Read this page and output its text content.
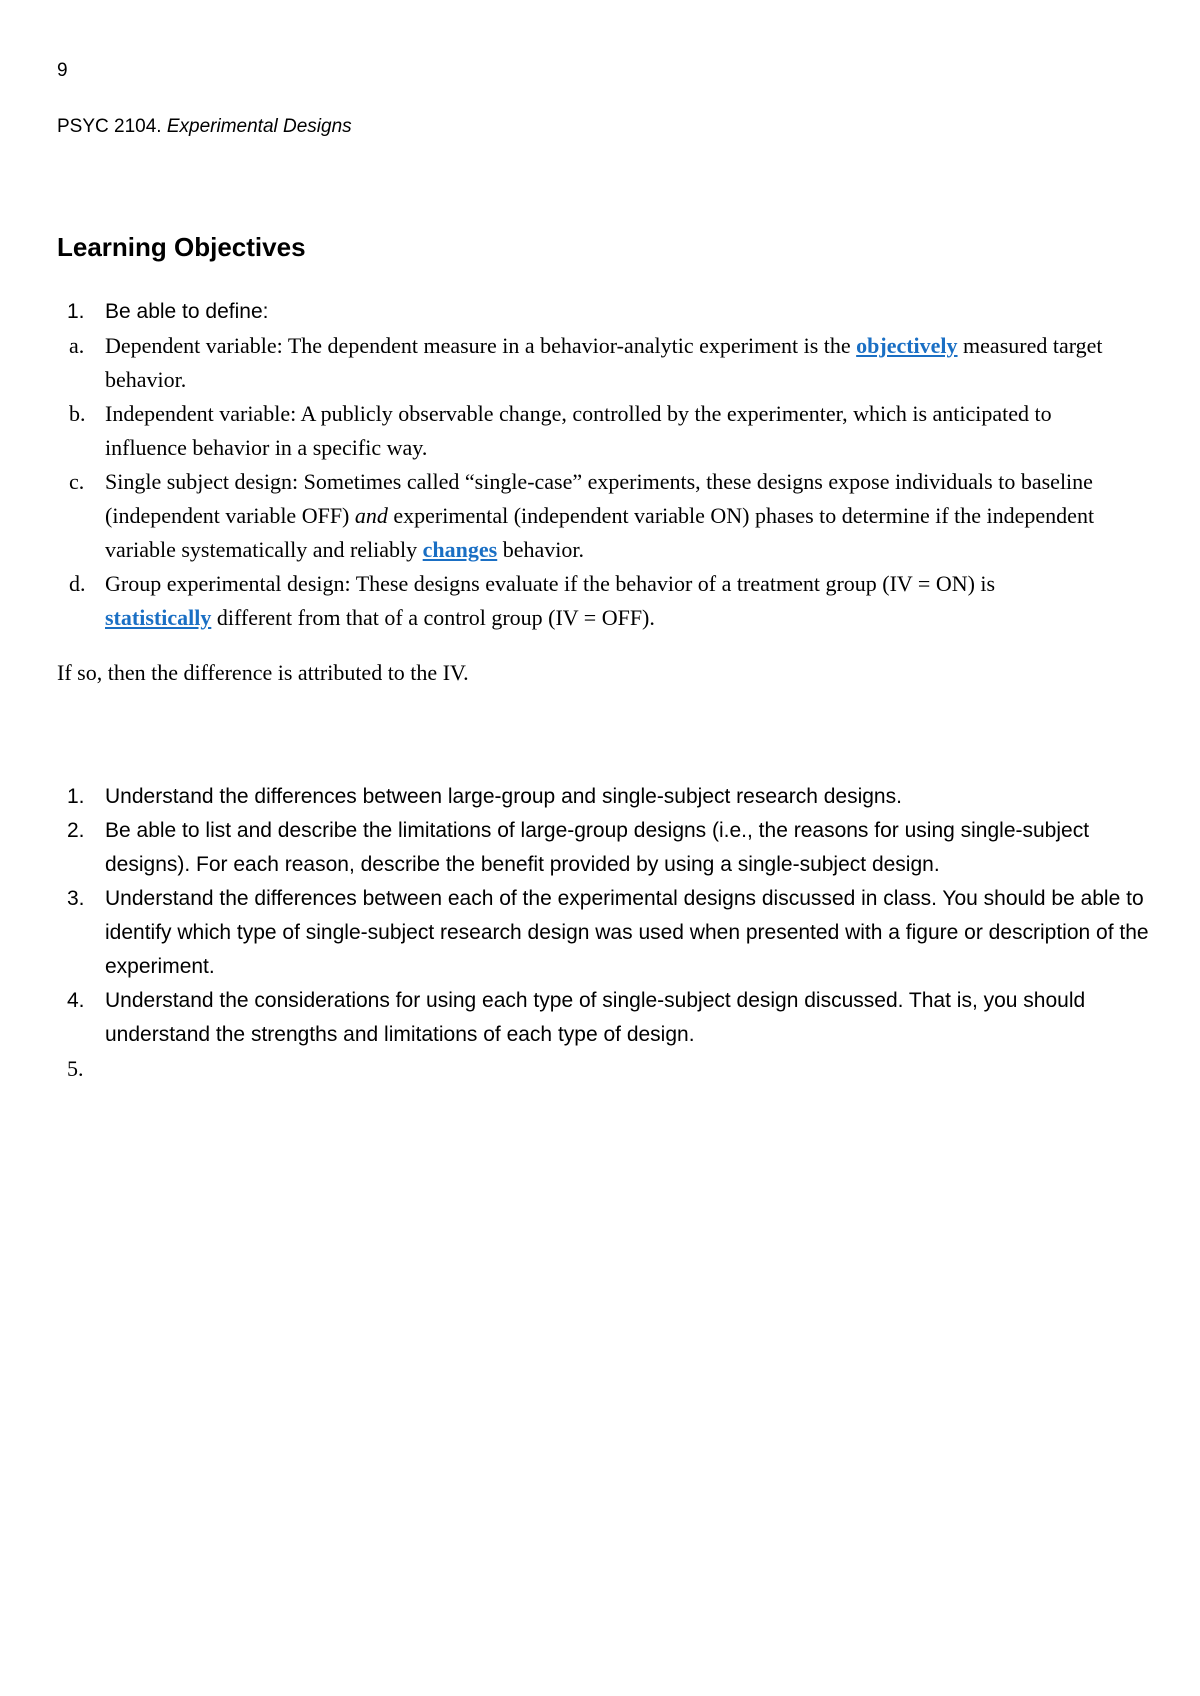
9
PSYC 2104. Experimental Designs
Learning Objectives
1. Be able to define:
a. Dependent variable: The dependent measure in a behavior-analytic experiment is the objectively measured target behavior.
b. Independent variable: A publicly observable change, controlled by the experimenter, which is anticipated to influence behavior in a specific way.
c. Single subject design: Sometimes called “single-case” experiments, these designs expose individuals to baseline (independent variable OFF) and experimental (independent variable ON) phases to determine if the independent variable systematically and reliably changes behavior.
d. Group experimental design: These designs evaluate if the behavior of a treatment group (IV = ON) is statistically different from that of a control group (IV = OFF).

If so, then the difference is attributed to the IV.

1. Understand the differences between large-group and single-subject research designs.
2. Be able to list and describe the limitations of large-group designs (i.e., the reasons for using single-subject designs). For each reason, describe the benefit provided by using a single-subject design.
3. Understand the differences between each of the experimental designs discussed in class. You should be able to identify which type of single-subject research design was used when presented with a figure or description of the experiment.
4. Understand the considerations for using each type of single-subject design discussed. That is, you should understand the strengths and limitations of each type of design.
5.
